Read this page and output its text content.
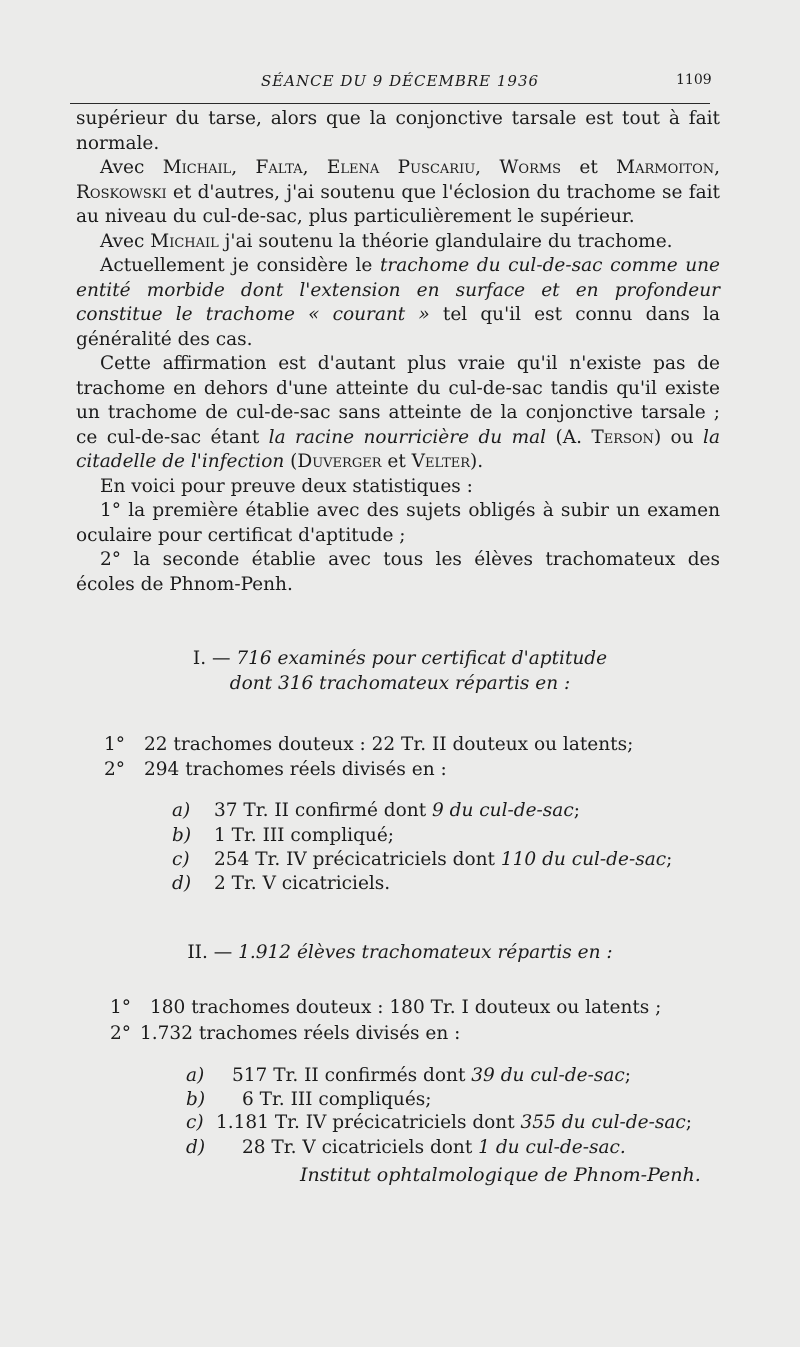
SÉANCE DU 9 DÉCEMBRE 1936	1109

supérieur du tarse, alors que la conjonctive tarsale est tout à fait normale.

Avec Michail, Falta, Elena Puscariu, Worms et Marmoiton, Roskowski et d'autres, j'ai soutenu que l'éclosion du trachome se fait au niveau du cul-de-sac, plus particulièrement le supérieur.

Avec Michail j'ai soutenu la théorie glandulaire du trachome.

Actuellement je considère le trachome du cul-de-sac comme une entité morbide dont l'extension en surface et en profondeur constitue le trachome « courant » tel qu'il est connu dans la généralité des cas.

Cette affirmation est d'autant plus vraie qu'il n'existe pas de trachome en dehors d'une atteinte du cul-de-sac tandis qu'il existe un trachome de cul-de-sac sans atteinte de la conjonctive tarsale ; ce cul-de-sac étant la racine nourricière du mal (A. Terson) ou la citadelle de l'infection (Duverger et Velter).

En voici pour preuve deux statistiques :

1° la première établie avec des sujets obligés à subir un examen oculaire pour certificat d'aptitude ;

2° la seconde établie avec tous les élèves trachomateux des écoles de Phnom-Penh.

I. — 716 examinés pour certificat d'aptitude
dont 316 trachomateux répartis en :
1° 22 trachomes douteux : 22 Tr. II douteux ou latents;
2° 294 trachomes réels divisés en :
a) 37 Tr. II confirmé dont 9 du cul-de-sac;
b) 1 Tr. III compliqué;
c) 254 Tr. IV précicatriciels dont 110 du cul-de-sac;
d) 2 Tr. V cicatriciels.
II. — 1.912 élèves trachomateux répartis en :
1° 180 trachomes douteux : 180 Tr. I douteux ou latents ;
2° 1.732 trachomes réels divisés en :
a) 517 Tr. II confirmés dont 39 du cul-de-sac;
b) 6 Tr. III compliqués;
c) 1.181 Tr. IV précicatriciels dont 355 du cul-de-sac;
d) 28 Tr. V cicatriciels dont 1 du cul-de-sac.
Institut ophtalmologique de Phnom-Penh.
